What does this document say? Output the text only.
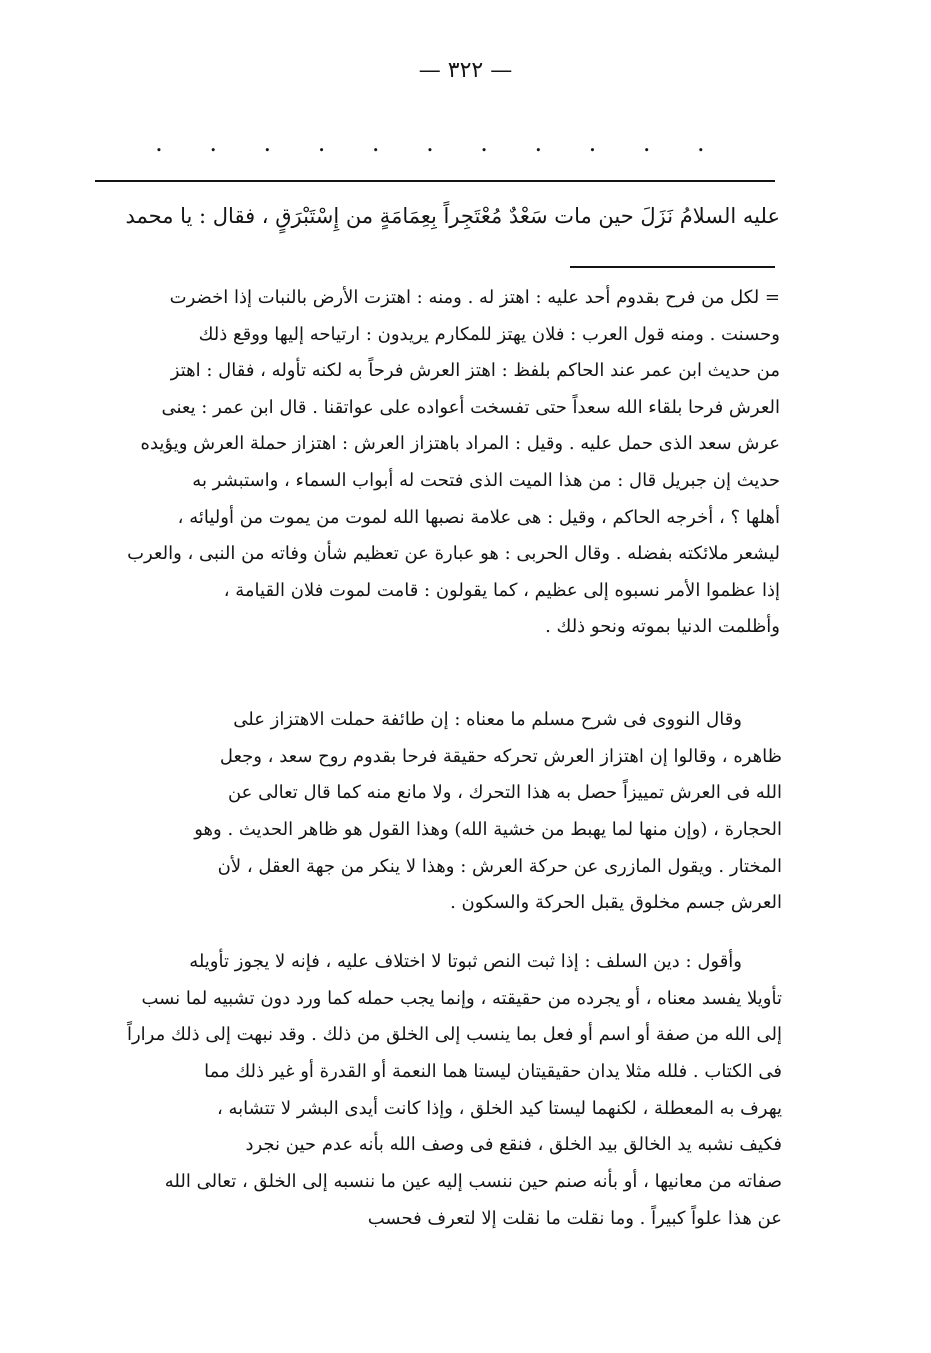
— ٣٢٢ —
. . . . . . . . . . .
عليه السلامُ نَزَلَ حين مات سَعْدٌ مُعْتَجِراً بِعِمَامَةٍ من إِسْتَبْرَقٍ ، فقال : يا محمد
= لكل من فرح بقدوم أحد عليه : اهتز له . ومنه : اهتزت الأرض بالنبات إذا اخضرت
وحسنت . ومنه قول العرب : فلان يهتز للمكارم يريدون : ارتياحه إليها ووقع ذلك
من حديث ابن عمر عند الحاكم بلفظ : اهتز العرش فرحاً به لكنه تأوله ، فقال : اهتز
العرش فرحا بلقاء الله سعداً حتى تفسخت أعواده على عواتقنا . قال ابن عمر : يعنى
عرش سعد الذى حمل عليه . وقيل : المراد باهتزاز العرش : اهتزاز حملة العرش ويؤيده
حديث إن جبريل قال : من هذا الميت الذى فتحت له أبواب السماء ، واستبشر به
أهلها ؟ ، أخرجه الحاكم ، وقيل : هى علامة نصبها الله لموت من يموت من أوليائه ،
ليشعر ملائكته بفضله . وقال الحربى : هو عبارة عن تعظيم شأن وفاته من النبى ، والعرب
إذا عظموا الأمر نسبوه إلى عظيم ، كما يقولون : قامت لموت فلان القيامة ،
وأظلمت الدنيا بموته ونحو ذلك .
وقال النووى فى شرح مسلم ما معناه : إن طائفة حملت الاهتزاز على
ظاهره ، وقالوا إن اهتزاز العرش تحركه حقيقة فرحا بقدوم روح سعد ، وجعل
الله فى العرش تمييزاً حصل به هذا التحرك ، ولا مانع منه كما قال تعالى عن
الحجارة ، (وإن منها لما يهبط من خشية الله) وهذا القول هو ظاهر الحديث . وهو
المختار . ويقول المازرى عن حركة العرش : وهذا لا ينكر من جهة العقل ، لأن
العرش جسم مخلوق يقبل الحركة والسكون .
وأقول : دين السلف : إذا ثبت النص ثبوتا لا اختلاف عليه ، فإنه لا يجوز تأويله
تأويلا يفسد معناه ، أو يجرده من حقيقته ، وإنما يجب حمله كما ورد دون تشبيه لما نسب
إلى الله من صفة أو اسم أو فعل بما ينسب إلى الخلق من ذلك . وقد نبهت إلى ذلك مراراً
فى الكتاب . فلله مثلا يدان حقيقيتان ليستا هما النعمة أو القدرة أو غير ذلك مما
يهرف به المعطلة ، لكنهما ليستا كيد الخلق ، وإذا كانت أيدى البشر لا تتشابه ،
فكيف نشبه يد الخالق بيد الخلق ، فنقع فى وصف الله بأنه عدم حين نجرد
صفاته من معانيها ، أو بأنه صنم حين ننسب إليه عين ما ننسبه إلى الخلق ، تعالى الله
عن هذا علواً كبيراً . وما نقلت ما نقلت إلا لتعرف فحسب
